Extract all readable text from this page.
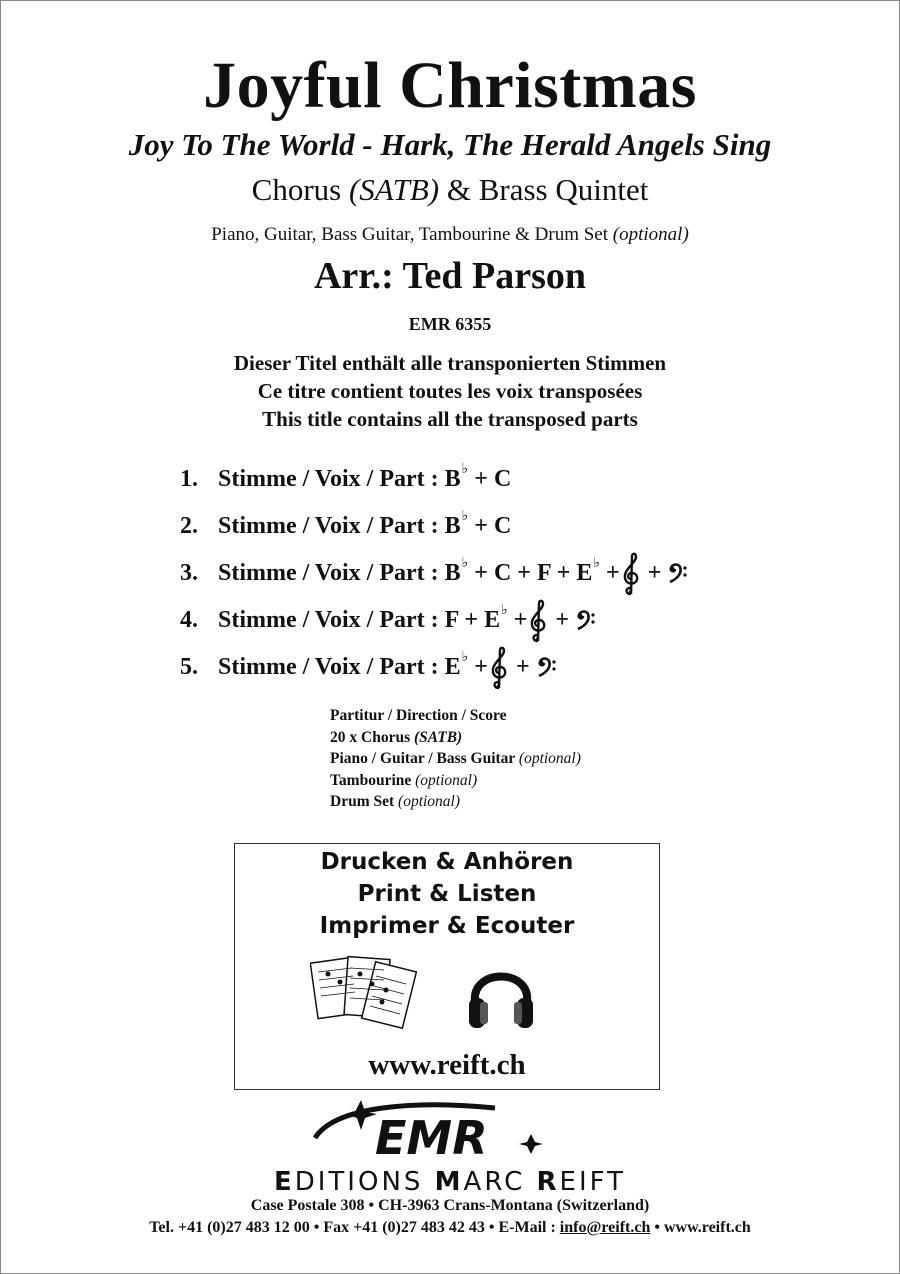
Joyful Christmas
Joy To The World - Hark, The Herald Angels Sing
Chorus (SATB) & Brass Quintet
Piano, Guitar, Bass Guitar, Tambourine & Drum Set (optional)
Arr.: Ted Parson
EMR 6355
Dieser Titel enthält alle transponierten Stimmen
Ce titre contient toutes les voix transposées
This title contains all the transposed parts
1. Stimme / Voix / Part : B ♭
+ C
2. Stimme / Voix / Part : B ♭
+ C
3. Stimme / Voix / Part : B ♭
+ C + F + E ♭
+
+

4. Stimme / Voix / Part : F + E ♭
+
+

5. Stimme / Voix / Part : E ♭
+
+

Partitur / Direction / Score
20 x Chorus (SATB)
Piano / Guitar / Bass Guitar (optional)
Tambourine (optional)
Drum Set (optional)
Drucken & Anhören
Print & Listen
Imprimer & Ecouter
www.reift.ch
EMR
EDITIONS MARC REIFT
Case Postale 308 • CH-3963 Crans-Montana (Switzerland)
Tel. +41 (0)27 483 12 00 • Fax +41 (0)27 483 42 43 • E-Mail : info@reift.ch • www.reift.ch
